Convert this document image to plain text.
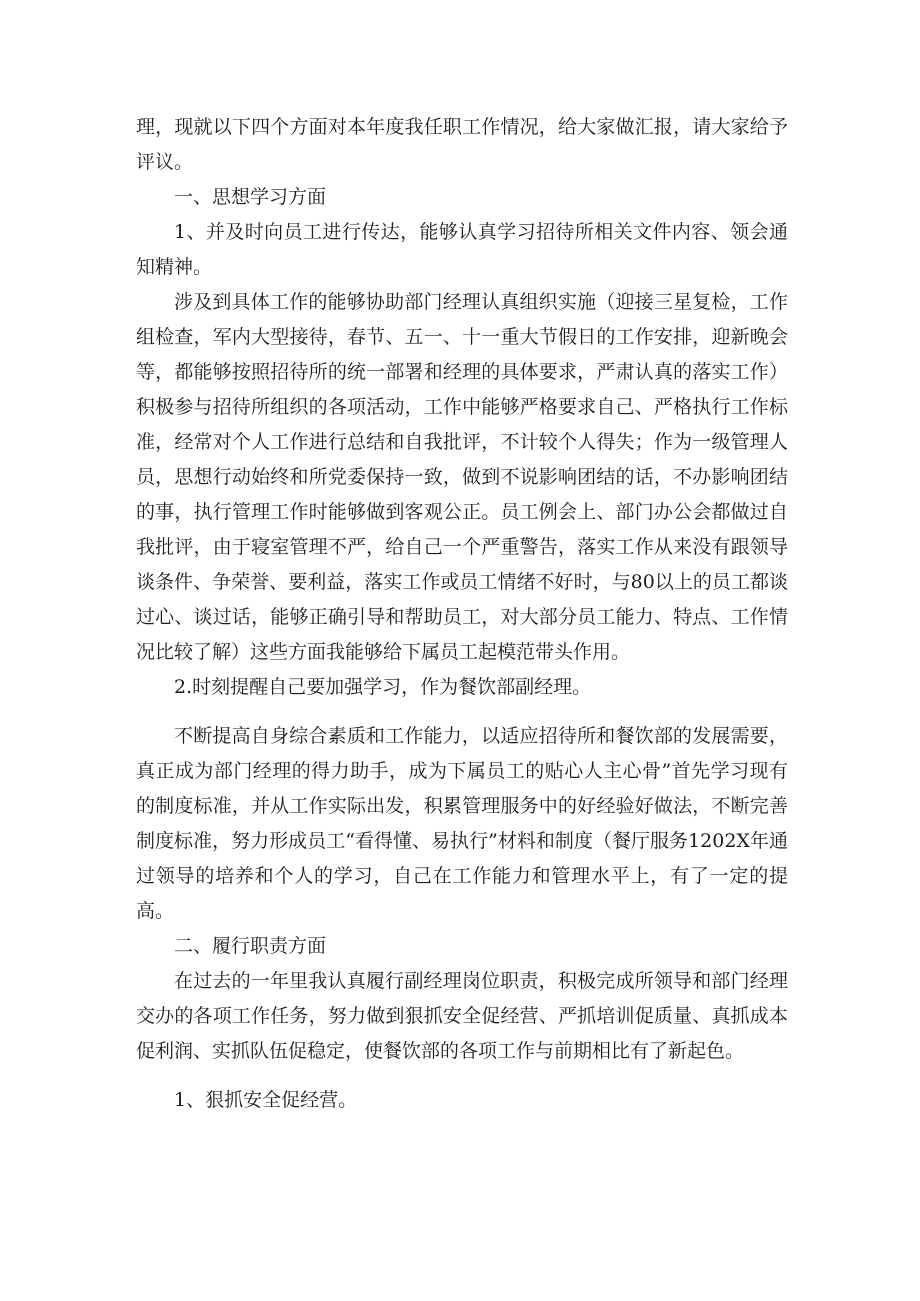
理，现就以下四个方面对本年度我任职工作情况，给大家做汇报，请大家给予评议。

一、思想学习方面

1、并及时向员工进行传达，能够认真学习招待所相关文件内容、领会通知精神。

涉及到具体工作的能够协助部门经理认真组织实施（迎接三星复检，工作组检查，军内大型接待，春节、五一、十一重大节假日的工作安排，迎新晚会等，都能够按照招待所的统一部署和经理的具体要求，严肃认真的落实工作）积极参与招待所组织的各项活动，工作中能够严格要求自己、严格执行工作标准，经常对个人工作进行总结和自我批评，不计较个人得失；作为一级管理人员，思想行动始终和所党委保持一致，做到不说影响团结的话，不办影响团结的事，执行管理工作时能够做到客观公正。员工例会上、部门办公会都做过自我批评，由于寝室管理不严，给自己一个严重警告，落实工作从来没有跟领导谈条件、争荣誉、要利益，落实工作或员工情绪不好时，与80以上的员工都谈过心、谈过话，能够正确引导和帮助员工，对大部分员工能力、特点、工作情况比较了解）这些方面我能够给下属员工起模范带头作用。

2.时刻提醒自己要加强学习，作为餐饮部副经理。

不断提高自身综合素质和工作能力，以适应招待所和餐饮部的发展需要，真正成为部门经理的得力助手，成为下属员工的贴心人主心骨”首先学习现有的制度标准，并从工作实际出发，积累管理服务中的好经验好做法，不断完善制度标准，努力形成员工“看得懂、易执行”材料和制度（餐厅服务1202X年通过领导的培养和个人的学习，自己在工作能力和管理水平上，有了一定的提高。

二、履行职责方面

在过去的一年里我认真履行副经理岗位职责，积极完成所领导和部门经理交办的各项工作任务，努力做到狠抓安全促经营、严抓培训促质量、真抓成本促利润、实抓队伍促稳定，使餐饮部的各项工作与前期相比有了新起色。

1、狠抓安全促经营。
